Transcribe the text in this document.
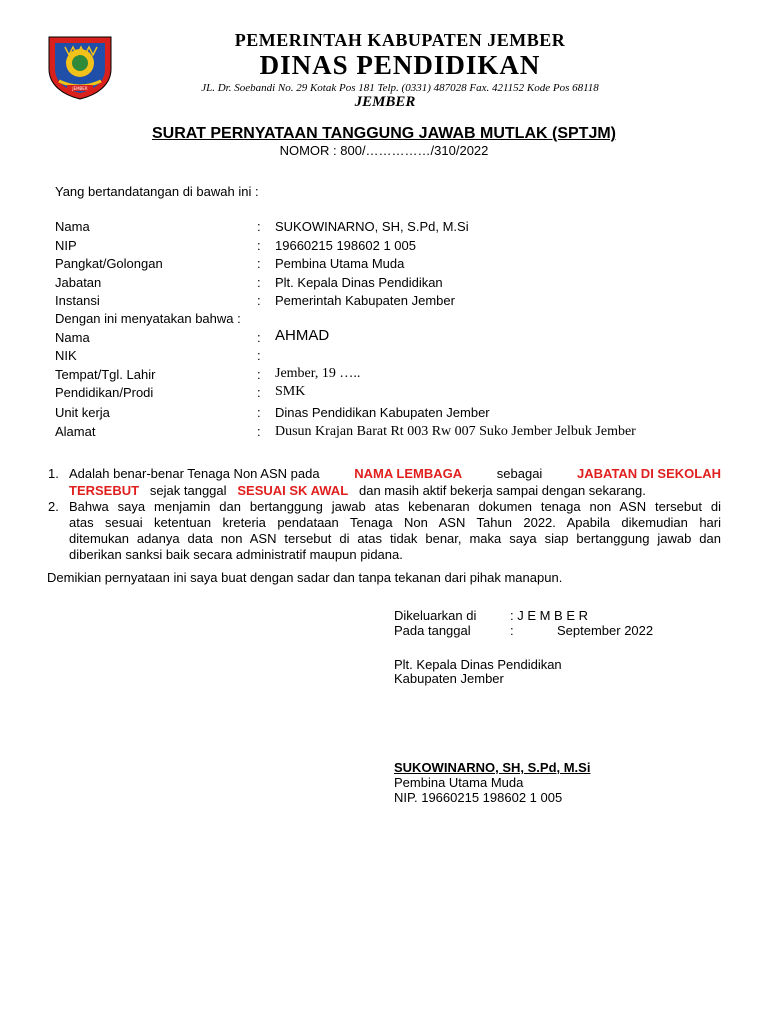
JEMBER
PEMERINTAH KABUPATEN JEMBER
DINAS PENDIDIKAN
JL. Dr. Soebandi No. 29 Kotak Pos 181 Telp. (0331) 487028 Fax. 421152 Kode Pos 68118
JEMBER
SURAT PERNYATAAN TANGGUNG JAWAB MUTLAK (SPTJM)
NOMOR : 800/……………/310/2022
Yang bertandatangan di bawah ini :
Nama	: SUKOWINARNO, SH, S.Pd, M.Si
NIP	: 19660215 198602 1 005
Pangkat/Golongan	: Pembina Utama Muda
Jabatan	: Plt. Kepala Dinas Pendidikan
Instansi	: Pemerintah Kabupaten Jember
Dengan ini menyatakan bahwa :
Nama	: AHMAD
NIK	:
Tempat/Tgl. Lahir	: Jember, 19 …..
Pendidikan/Prodi	: SMK
Unit kerja	: Dinas Pendidikan Kabupaten Jember
Alamat	: Dusun Krajan Barat Rt 003 Rw 007 Suko Jember Jelbuk Jember
1. Adalah benar-benar Tenaga Non ASN pada	NAMA LEMBAGA	sebagai	JABATAN DI SEKOLAH
TERSEBUT sejak tanggal SESUAI SK AWAL dan masih aktif bekerja sampai dengan sekarang.
2. Bahwa saya menjamin dan bertanggung jawab atas kebenaran dokumen tenaga non ASN tersebut di
atas sesuai ketentuan kreteria pendataan Tenaga Non ASN Tahun 2022. Apabila dikemudian hari
ditemukan adanya data non ASN tersebut di atas tidak benar, maka saya siap bertanggung jawab dan
diberikan sanksi baik secara administratif maupun pidana.
Demikian pernyataan ini saya buat dengan sadar dan tanpa tekanan dari pihak manapun.
Dikeluarkan di	: J E M B E R
Pada tanggal	:	September 2022
Plt. Kepala Dinas Pendidikan
Kabupaten Jember
SUKOWINARNO, SH, S.Pd, M.Si
Pembina Utama Muda
NIP. 19660215 198602 1 005
